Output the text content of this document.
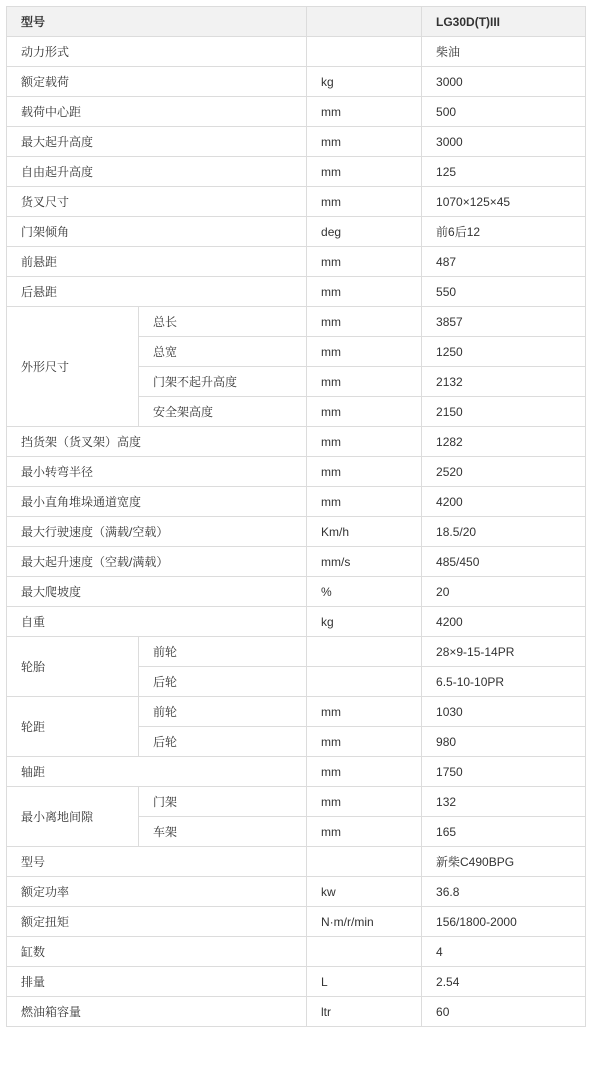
型号			LG30D(T)III
动力形式			柴油
额定载荷		kg	3000
载荷中心距		mm	500
最大起升高度		mm	3000
自由起升高度		mm	125
货叉尺寸		mm	1070×125×45
门架倾角		deg	前6后12
前悬距		mm	487
后悬距		mm	550
外形尺寸	总长	mm	3857
	总宽	mm	1250
	门架不起升高度	mm	2132
	安全架高度	mm	2150
挡货架（货叉架）高度		mm	1282
最小转弯半径		mm	2520
最小直角堆垛通道宽度		mm	4200
最大行驶速度（满载/空载）		Km/h	18.5/20
最大起升速度（空载/满载）		mm/s	485/450
最大爬坡度		%	20
自重		kg	4200
轮胎	前轮		28×9-15-14PR
	后轮		6.5-10-10PR
轮距	前轮	mm	1030
	后轮	mm	980
轴距		mm	1750
最小离地间隙	门架	mm	132
	车架	mm	165
型号			新柴C490BPG
额定功率		kw	36.8
额定扭矩		N·m/r/min	156/1800-2000
缸数			4
排量		L	2.54
燃油箱容量		ltr	60
